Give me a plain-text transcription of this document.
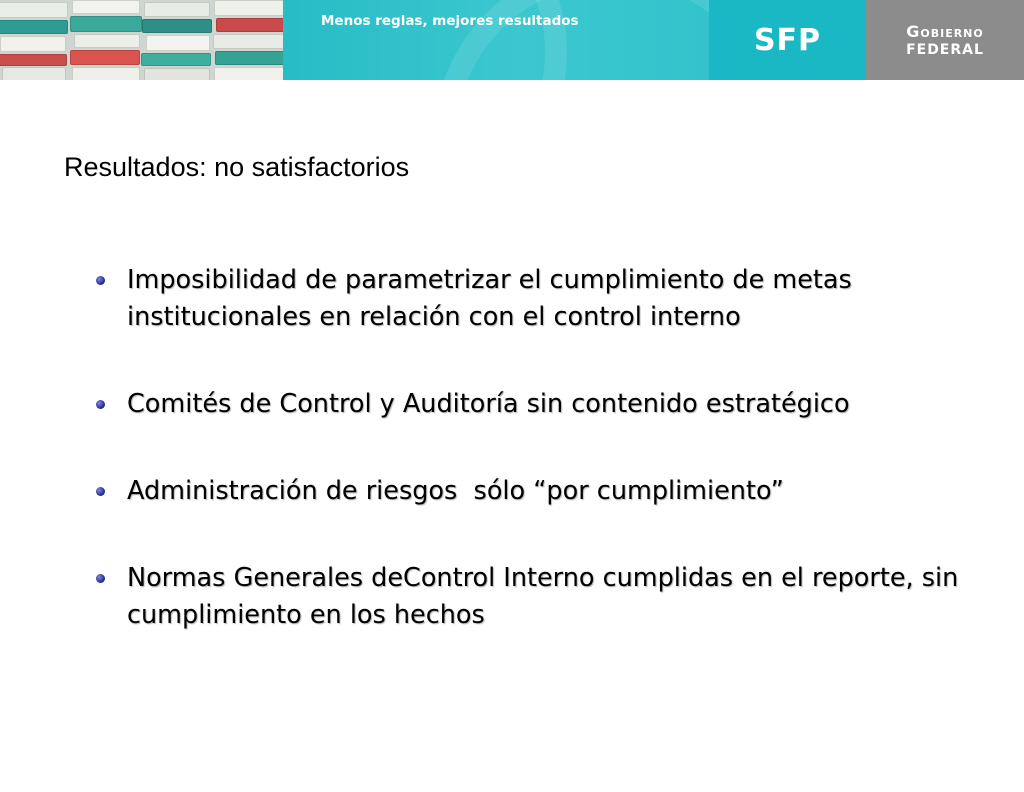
Menos reglas, mejores resultados
SFP	Gobierno
FEDERAL
Resultados: no satisfactorios
Imposibilidad de parametrizar el cumplimiento de metas institucionales en relación con el control interno
Comités de Control y Auditoría sin contenido estratégico
Administración de riesgos  sólo “por cumplimiento”
Normas Generales deControl Interno cumplidas en el reporte, sin cumplimiento en los hechos
